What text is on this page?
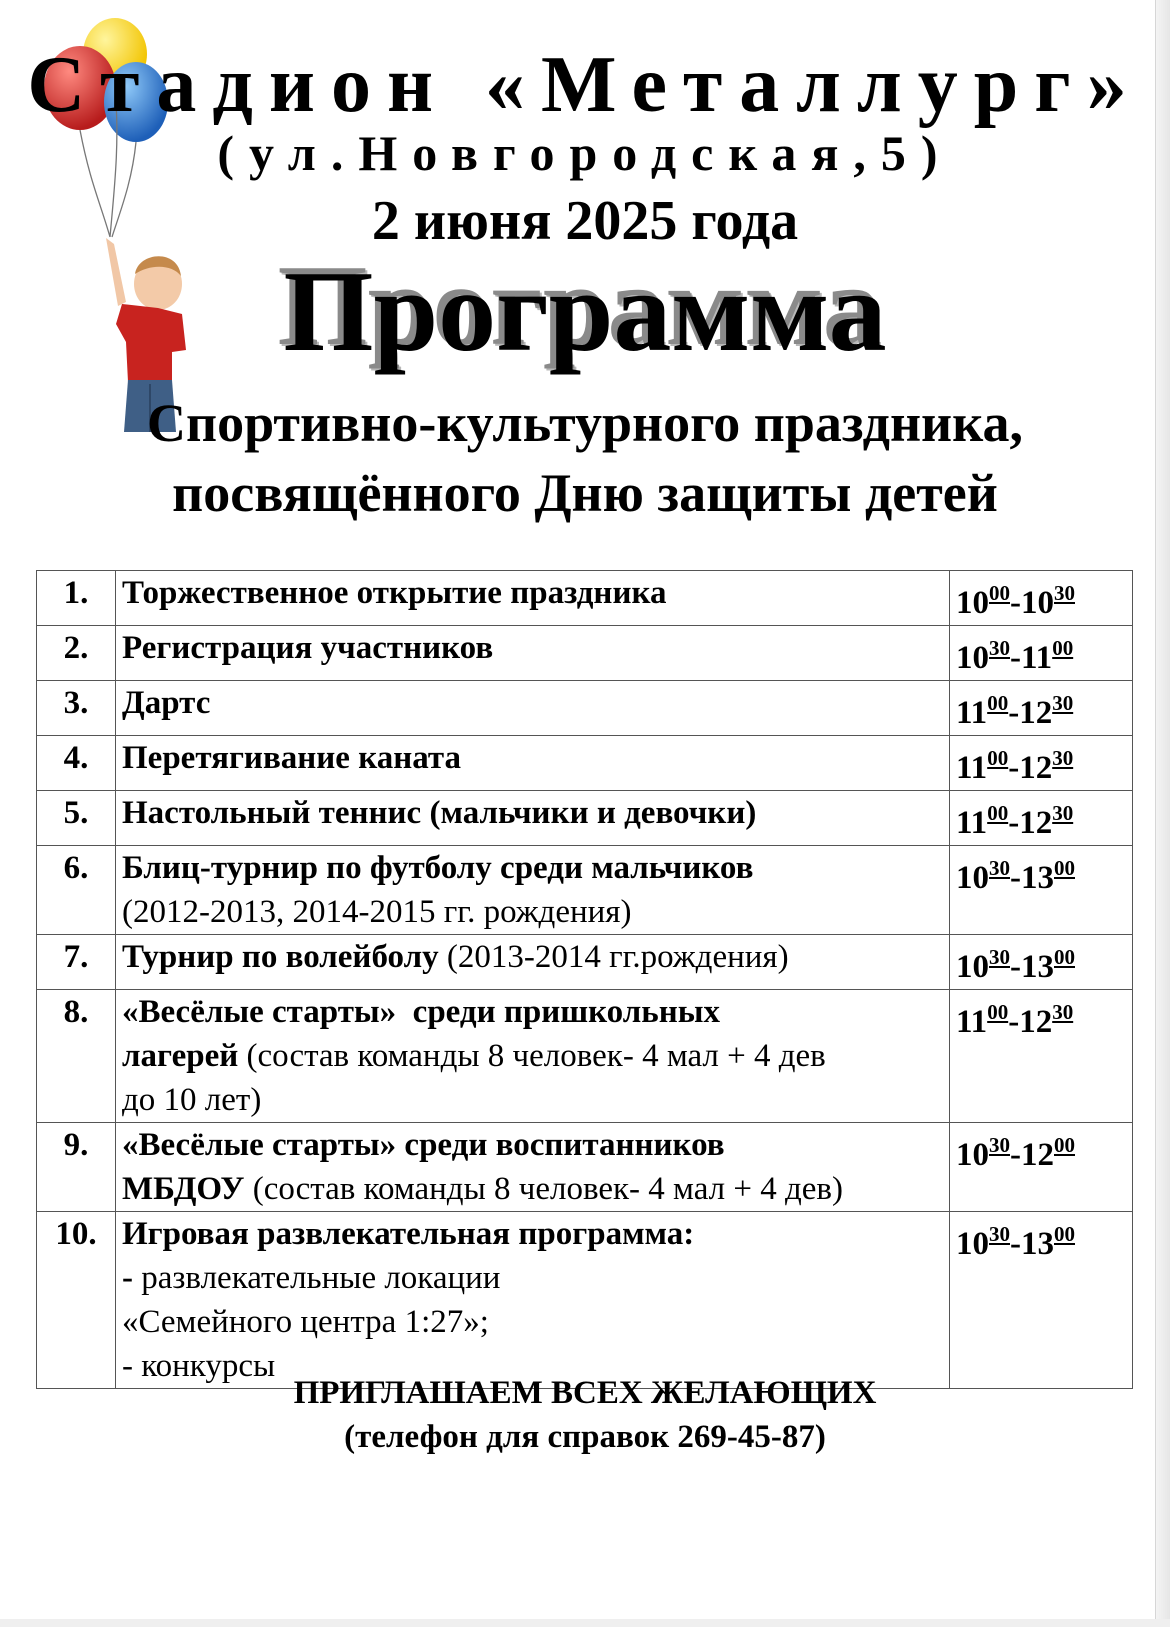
Стадион «Металлург»
(ул.Новгородская,5)
2 июня 2025 года
Программа
Спортивно-культурного праздника,
посвящённого Дню защиты детей
1.	Торжественное открытие праздника	$10^{00}-10^{30}$
2.	Регистрация участников	$10^{30}-11^{00}$
3.	Дартс	$11^{00}-12^{30}$
4.	Перетягивание каната	$11^{00}-12^{30}$
5.	Настольный теннис (мальчики и девочки)	$11^{00}-12^{30}$
6.	Блиц-турнир по футболу среди мальчиков
(2012-2013, 2014-2015 гг. рождения)	$10^{30}-13^{00}$
7.	Турнир по волейболу (2013-2014 гг.рождения)	$10^{30}-13^{00}$
8.	«Весёлые старты»  среди пришкольных
лагерей (состав команды 8 человек- 4 мал + 4 дев
до 10 лет)	$11^{00}-12^{30}$
9.	«Весёлые старты» среди воспитанников
МБДОУ (состав команды 8 человек- 4 мал + 4 дев)	$10^{30}-12^{00}$
10.	Игровая развлекательная программа:
- развлекательные локации
«Семейного центра 1:27»;
- конкурсы	$10^{30}-13^{00}$
ПРИГЛАШАЕМ ВСЕХ ЖЕЛАЮЩИХ
(телефон для справок 269-45-87)
